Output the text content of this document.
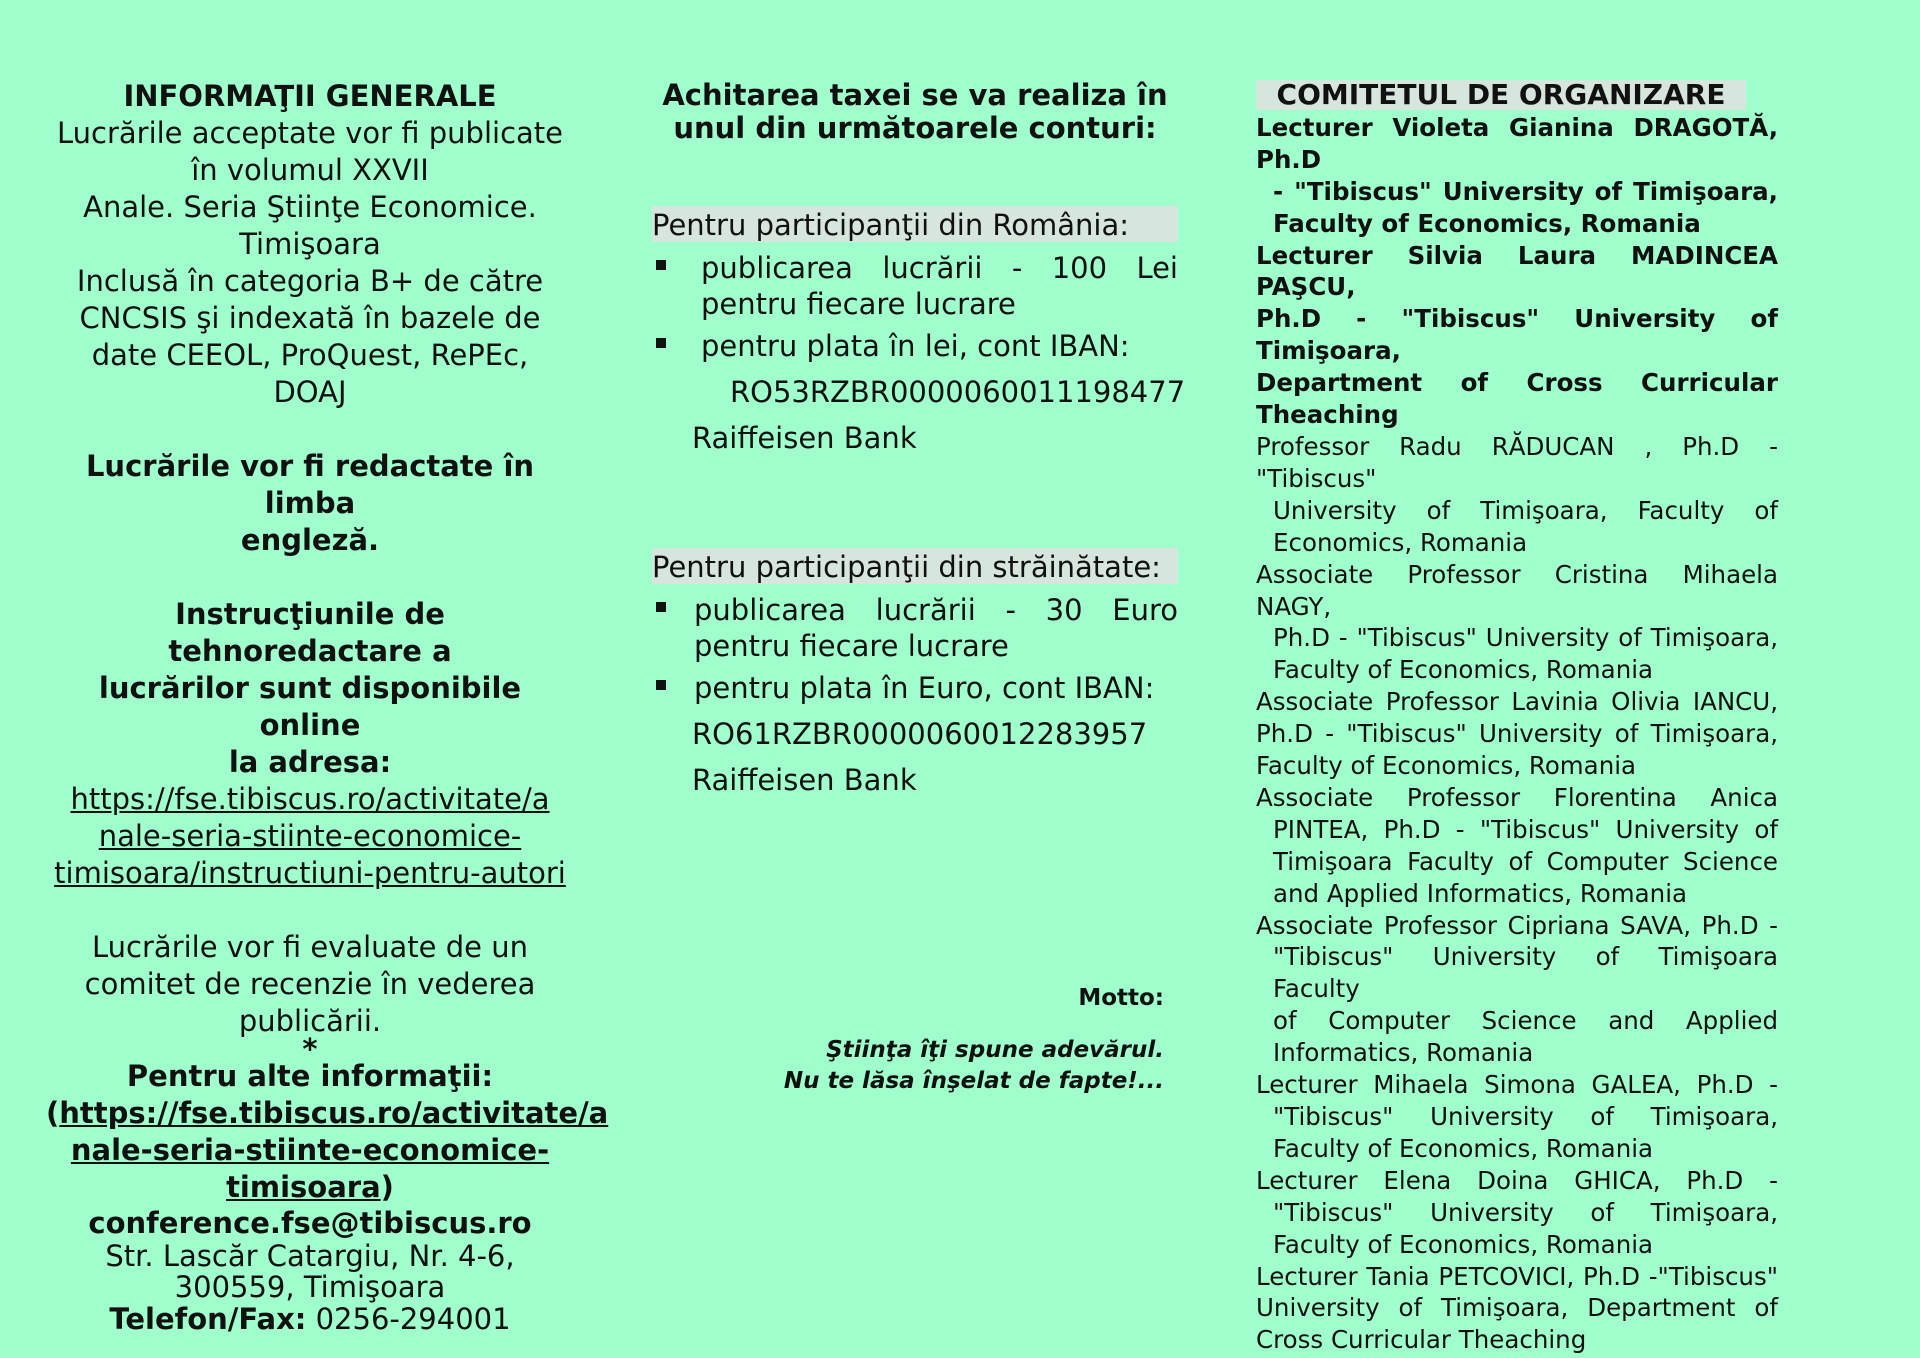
INFORMAŢII GENERALE

Lucrările acceptate vor fi publicate

în volumul XXVII

Anale. Seria Ştiinţe Economice.

Timişoara

Inclusă în categoria B+ de către

CNCSIS şi indexată în bazele de

date CEEOL, ProQuest, RePEc,

DOAJ

Lucrările vor fi redactate în limba

engleză.

Instrucţiunile de tehnoredactare a

lucrărilor sunt disponibile online

la adresa:

https://fse.tibiscus.ro/activitate/a
nale-seria-stiinte-economice-
timisoara/instructiuni-pentru-autori

Lucrările vor fi evaluate de un

comitet de recenzie în vederea

publicării.

*

Pentru alte informaţii:

(https://fse.tibiscus.ro/activitate/a
nale-seria-stiinte-economice-
timisoara)

conference.fse@tibiscus.ro

Str. Lascăr Catargiu, Nr. 4-6,

300559, Timişoara

Telefon/Fax: 0256-294001

Achitarea taxei se va realiza în

unul din următoarele conturi:

Pentru participanţii din România:
publicarea lucrării - 100 Lei
pentru fiecare lucrare
pentru plata în lei, cont IBAN:

RO53RZBR0000060011198477

Raiffeisen Bank

Pentru participanţii din străinătate:
publicarea lucrării - 30 Euro
pentru fiecare lucrare
pentru plata în Euro, cont IBAN:

RO61RZBR0000060012283957

Raiffeisen Bank

Motto:
Ştiinţa îţi spune adevărul.
Nu te lăsa înşelat de fapte!...
COMITETUL DE ORGANIZARE
Lecturer Violeta Gianina DRAGOTĂ, Ph.D
- "Tibiscus" University of Timişoara,
Faculty of Economics, Romania
Lecturer Silvia Laura MADINCEA PAŞCU,
Ph.D - "Tibiscus" University of Timişoara,
Department of Cross Curricular
Theaching
Professor Radu RĂDUCAN , Ph.D - "Tibiscus"
University of Timişoara, Faculty of
Economics, Romania
Associate Professor Cristina Mihaela NAGY,
Ph.D - "Tibiscus" University of Timişoara,
Faculty of Economics, Romania
Associate Professor Lavinia Olivia IANCU,
Ph.D - "Tibiscus" University of Timişoara,
Faculty of Economics, Romania
Associate Professor Florentina Anica
PINTEA, Ph.D - "Tibiscus" University of
Timişoara Faculty of Computer Science
and Applied Informatics, Romania
Associate Professor Cipriana SAVA, Ph.D -
"Tibiscus" University of Timişoara Faculty
of Computer Science and Applied
Informatics, Romania
Lecturer Mihaela Simona GALEA, Ph.D -
"Tibiscus" University of Timişoara,
Faculty of Economics, Romania
Lecturer Elena Doina GHICA, Ph.D -
"Tibiscus" University of Timişoara,
Faculty of Economics, Romania
Lecturer Tania PETCOVICI, Ph.D -"Tibiscus"
University of Timişoara, Department of
Cross Curricular Theaching
